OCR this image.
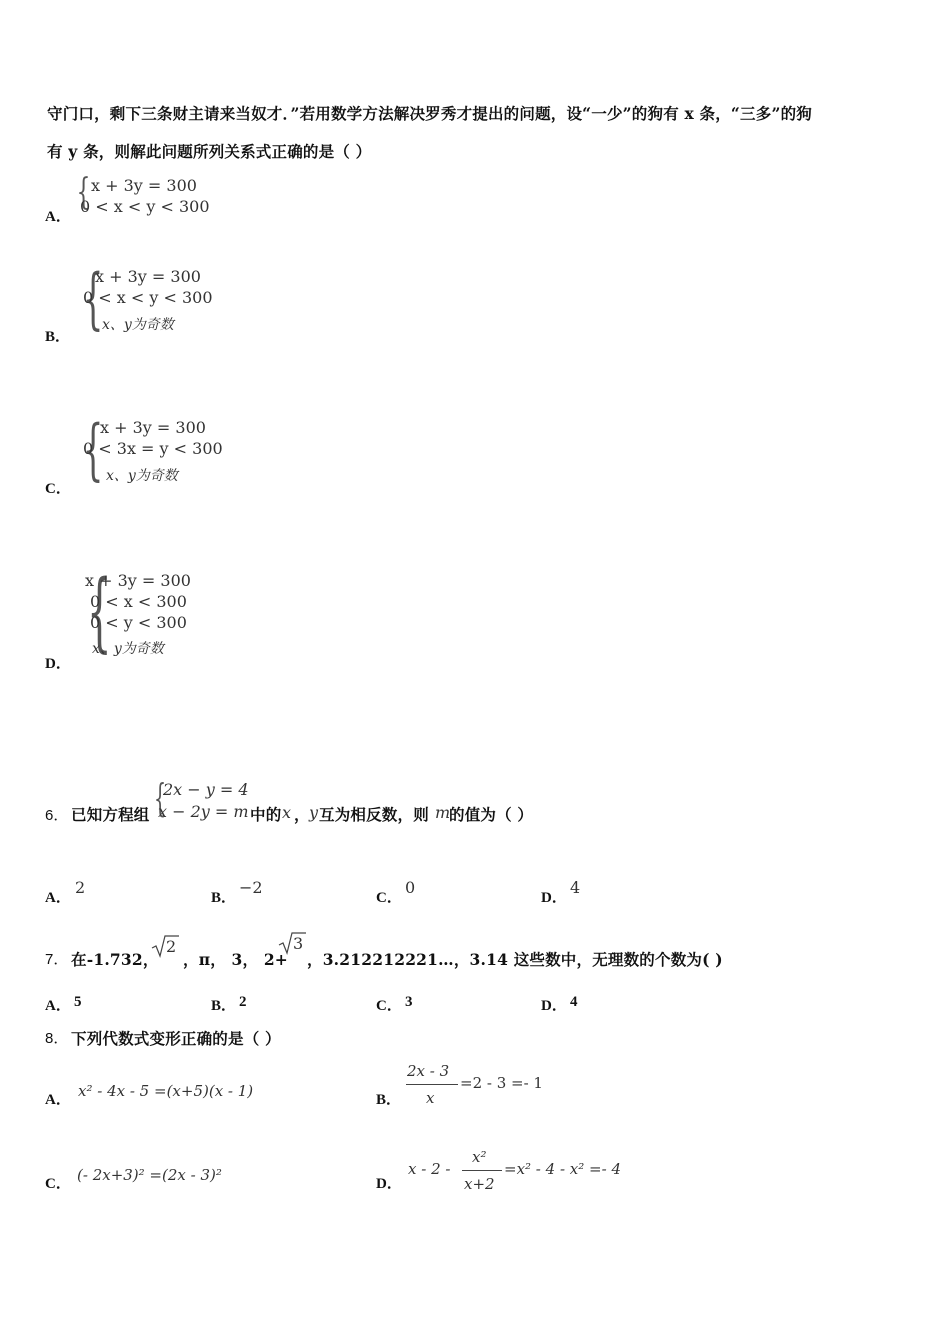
守门口，剩下三条财主请来当奴才．”若用数学方法解决罗秀才提出的问题，设“一少”的狗有 x 条，“三多”的狗
有 y 条，则解此问题所列关系式正确的是（ ）
{ x + 3y = 300
0 < x < y < 300
A．
{
x + 3y = 300
0 < x < y < 300
x、y为奇数
B．
{
x + 3y = 300
0 < 3x = y < 300
x、y为奇数
C．
{
x + 3y = 300
0 < x < 300
0 < y < 300
x、y为奇数
D．
6． 已知方程组 {
2x − y = 4
x − 2y = m 中的 x ， y 互为相反数，则 m
的值为（ ）
A．
2
B．
−2
C．
0
D．
4
7． 在-1.732，
2
，π， 3， 2+
3
，3.212212221…，3.14 这些数中，无理数的个数为( )
A． 5	B． 2	C． 3	D． 4
8． 下列代数式变形正确的是（ ）
A． x² - 4x - 5 =(x+5)(x - 1)	B．
2x - 3
x
=2 - 3 =- 1
C． (- 2x+3)² =(2x - 3)²	D．
x - 2 -
x²
x+2
=x² - 4 - x² =- 4
